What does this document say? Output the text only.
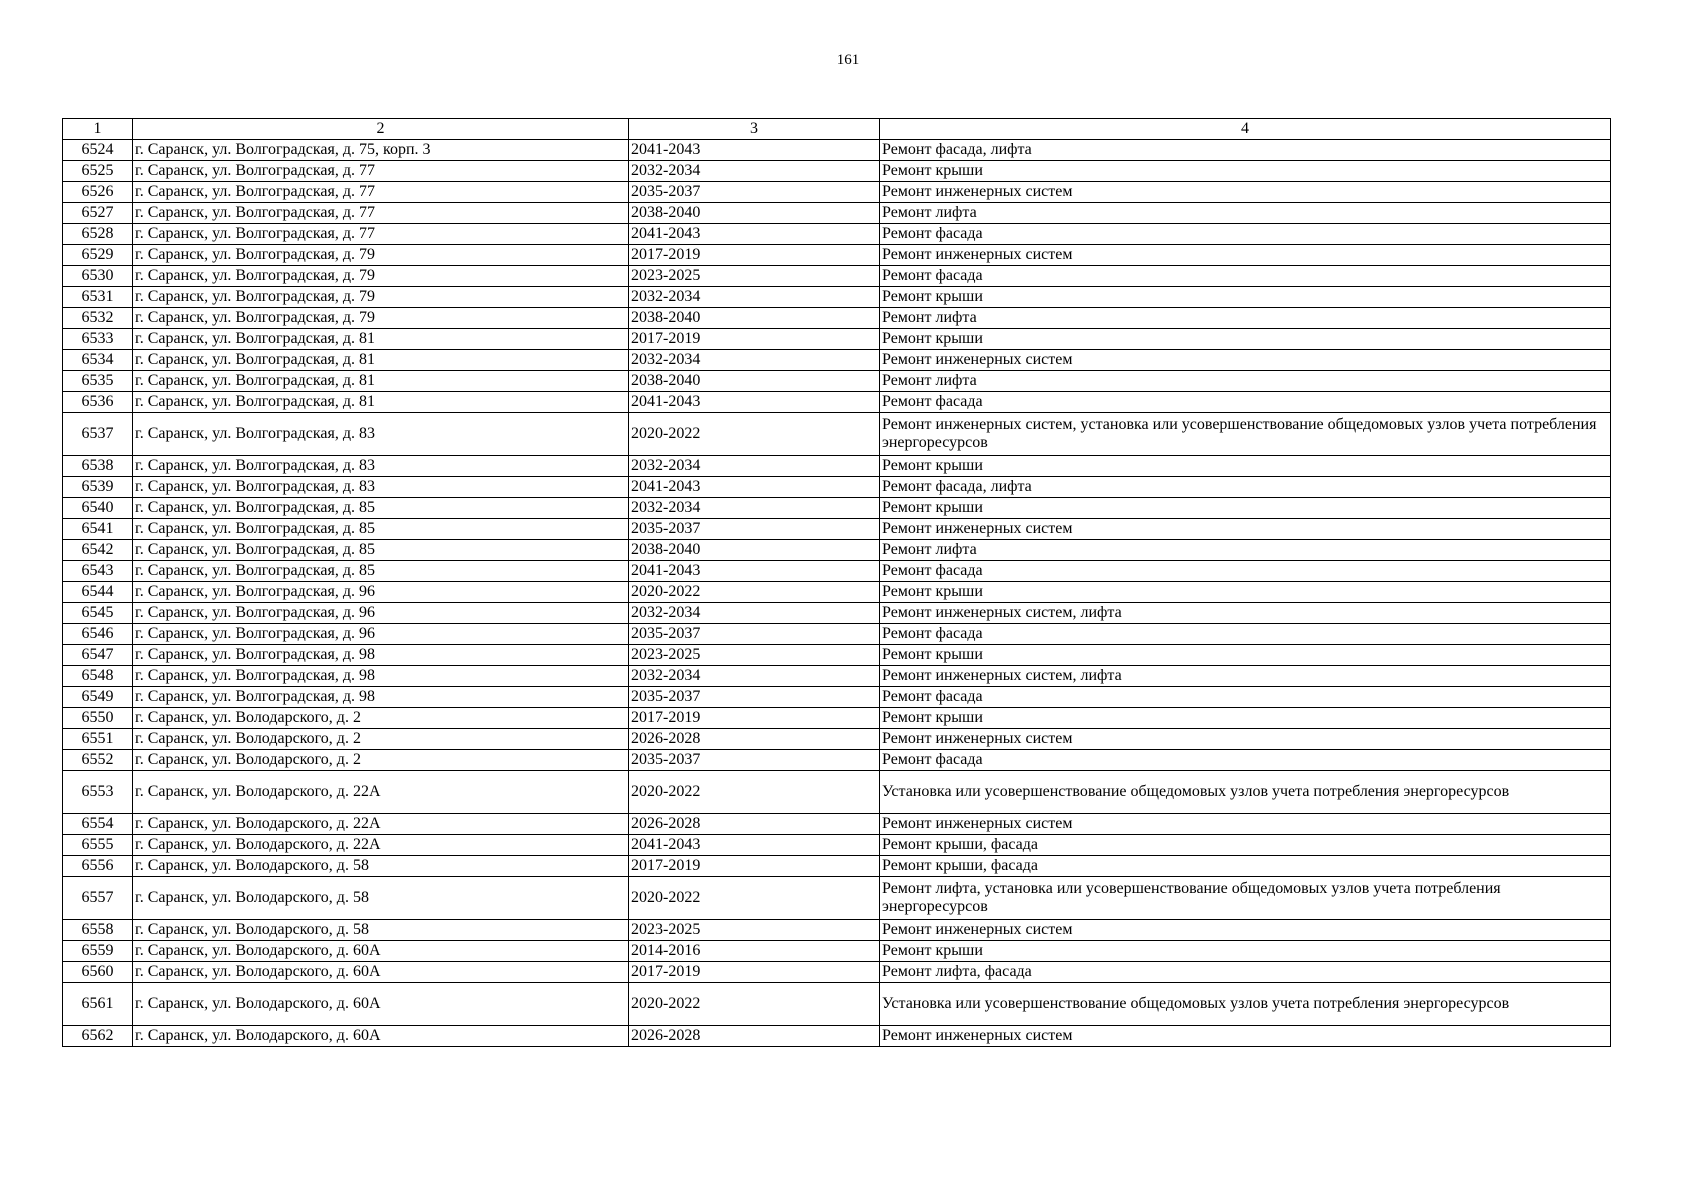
161
1	2	3	4
6524	г. Саранск, ул. Волгоградская, д. 75, корп. 3	2041-2043	Ремонт фасада, лифта
6525	г. Саранск, ул. Волгоградская, д. 77	2032-2034	Ремонт крыши
6526	г. Саранск, ул. Волгоградская, д. 77	2035-2037	Ремонт инженерных систем
6527	г. Саранск, ул. Волгоградская, д. 77	2038-2040	Ремонт лифта
6528	г. Саранск, ул. Волгоградская, д. 77	2041-2043	Ремонт фасада
6529	г. Саранск, ул. Волгоградская, д. 79	2017-2019	Ремонт инженерных систем
6530	г. Саранск, ул. Волгоградская, д. 79	2023-2025	Ремонт фасада
6531	г. Саранск, ул. Волгоградская, д. 79	2032-2034	Ремонт крыши
6532	г. Саранск, ул. Волгоградская, д. 79	2038-2040	Ремонт лифта
6533	г. Саранск, ул. Волгоградская, д. 81	2017-2019	Ремонт крыши
6534	г. Саранск, ул. Волгоградская, д. 81	2032-2034	Ремонт инженерных систем
6535	г. Саранск, ул. Волгоградская, д. 81	2038-2040	Ремонт лифта
6536	г. Саранск, ул. Волгоградская, д. 81	2041-2043	Ремонт фасада
6537	г. Саранск, ул. Волгоградская, д. 83	2020-2022	Ремонт инженерных систем, установка или усовершенствование общедомовых узлов учета потребления энергоресурсов
6538	г. Саранск, ул. Волгоградская, д. 83	2032-2034	Ремонт крыши
6539	г. Саранск, ул. Волгоградская, д. 83	2041-2043	Ремонт фасада, лифта
6540	г. Саранск, ул. Волгоградская, д. 85	2032-2034	Ремонт крыши
6541	г. Саранск, ул. Волгоградская, д. 85	2035-2037	Ремонт инженерных систем
6542	г. Саранск, ул. Волгоградская, д. 85	2038-2040	Ремонт лифта
6543	г. Саранск, ул. Волгоградская, д. 85	2041-2043	Ремонт фасада
6544	г. Саранск, ул. Волгоградская, д. 96	2020-2022	Ремонт крыши
6545	г. Саранск, ул. Волгоградская, д. 96	2032-2034	Ремонт инженерных систем, лифта
6546	г. Саранск, ул. Волгоградская, д. 96	2035-2037	Ремонт фасада
6547	г. Саранск, ул. Волгоградская, д. 98	2023-2025	Ремонт крыши
6548	г. Саранск, ул. Волгоградская, д. 98	2032-2034	Ремонт инженерных систем, лифта
6549	г. Саранск, ул. Волгоградская, д. 98	2035-2037	Ремонт фасада
6550	г. Саранск, ул. Володарского, д. 2	2017-2019	Ремонт крыши
6551	г. Саранск, ул. Володарского, д. 2	2026-2028	Ремонт инженерных систем
6552	г. Саранск, ул. Володарского, д. 2	2035-2037	Ремонт фасада
6553	г. Саранск, ул. Володарского, д. 22А	2020-2022	Установка или усовершенствование общедомовых узлов учета потребления энергоресурсов
6554	г. Саранск, ул. Володарского, д. 22А	2026-2028	Ремонт инженерных систем
6555	г. Саранск, ул. Володарского, д. 22А	2041-2043	Ремонт крыши, фасада
6556	г. Саранск, ул. Володарского, д. 58	2017-2019	Ремонт крыши, фасада
6557	г. Саранск, ул. Володарского, д. 58	2020-2022	Ремонт лифта, установка или усовершенствование общедомовых узлов учета потребления энергоресурсов
6558	г. Саранск, ул. Володарского, д. 58	2023-2025	Ремонт инженерных систем
6559	г. Саранск, ул. Володарского, д. 60А	2014-2016	Ремонт крыши
6560	г. Саранск, ул. Володарского, д. 60А	2017-2019	Ремонт лифта, фасада
6561	г. Саранск, ул. Володарского, д. 60А	2020-2022	Установка или усовершенствование общедомовых узлов учета потребления энергоресурсов
6562	г. Саранск, ул. Володарского, д. 60А	2026-2028	Ремонт инженерных систем
